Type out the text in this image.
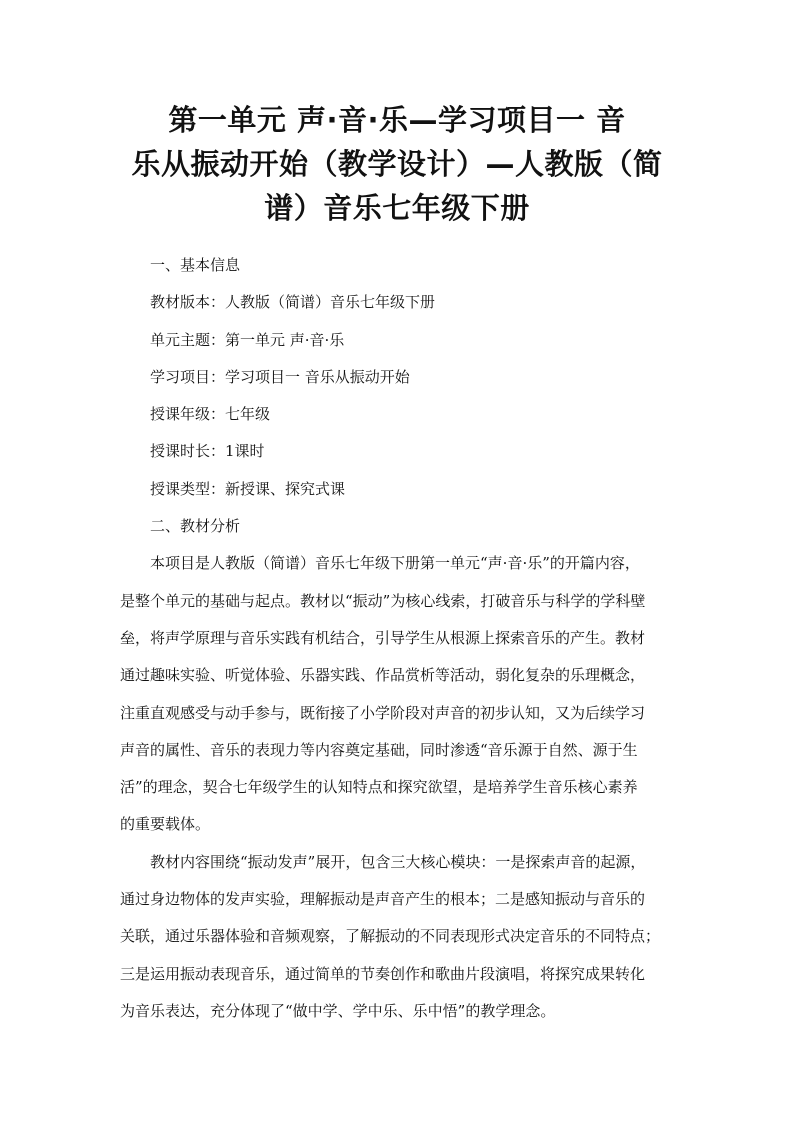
第一单元 声·音·乐—学习项目一 音
乐从振动开始（教学设计）—人教版（简
谱）音乐七年级下册
一、基本信息
教材版本：人教版（简谱）音乐七年级下册
单元主题：第一单元 声·音·乐
学习项目：学习项目一 音乐从振动开始
授课年级：七年级
授课时长：1课时
授课类型：新授课、探究式课
二、教材分析
本项目是人教版（简谱）音乐七年级下册第一单元“声·音·乐”的开篇内容，
是整个单元的基础与起点。教材以“振动”为核心线索，打破音乐与科学的学科壁
垒，将声学原理与音乐实践有机结合，引导学生从根源上探索音乐的产生。教材
通过趣味实验、听觉体验、乐器实践、作品赏析等活动，弱化复杂的乐理概念，
注重直观感受与动手参与，既衔接了小学阶段对声音的初步认知，又为后续学习
声音的属性、音乐的表现力等内容奠定基础，同时渗透“音乐源于自然、源于生
活”的理念，契合七年级学生的认知特点和探究欲望，是培养学生音乐核心素养
的重要载体。
教材内容围绕“振动发声”展开，包含三大核心模块：一是探索声音的起源，
通过身边物体的发声实验，理解振动是声音产生的根本；二是感知振动与音乐的
关联，通过乐器体验和音频观察，了解振动的不同表现形式决定音乐的不同特点；
三是运用振动表现音乐，通过简单的节奏创作和歌曲片段演唱，将探究成果转化
为音乐表达，充分体现了“做中学、学中乐、乐中悟”的教学理念。
